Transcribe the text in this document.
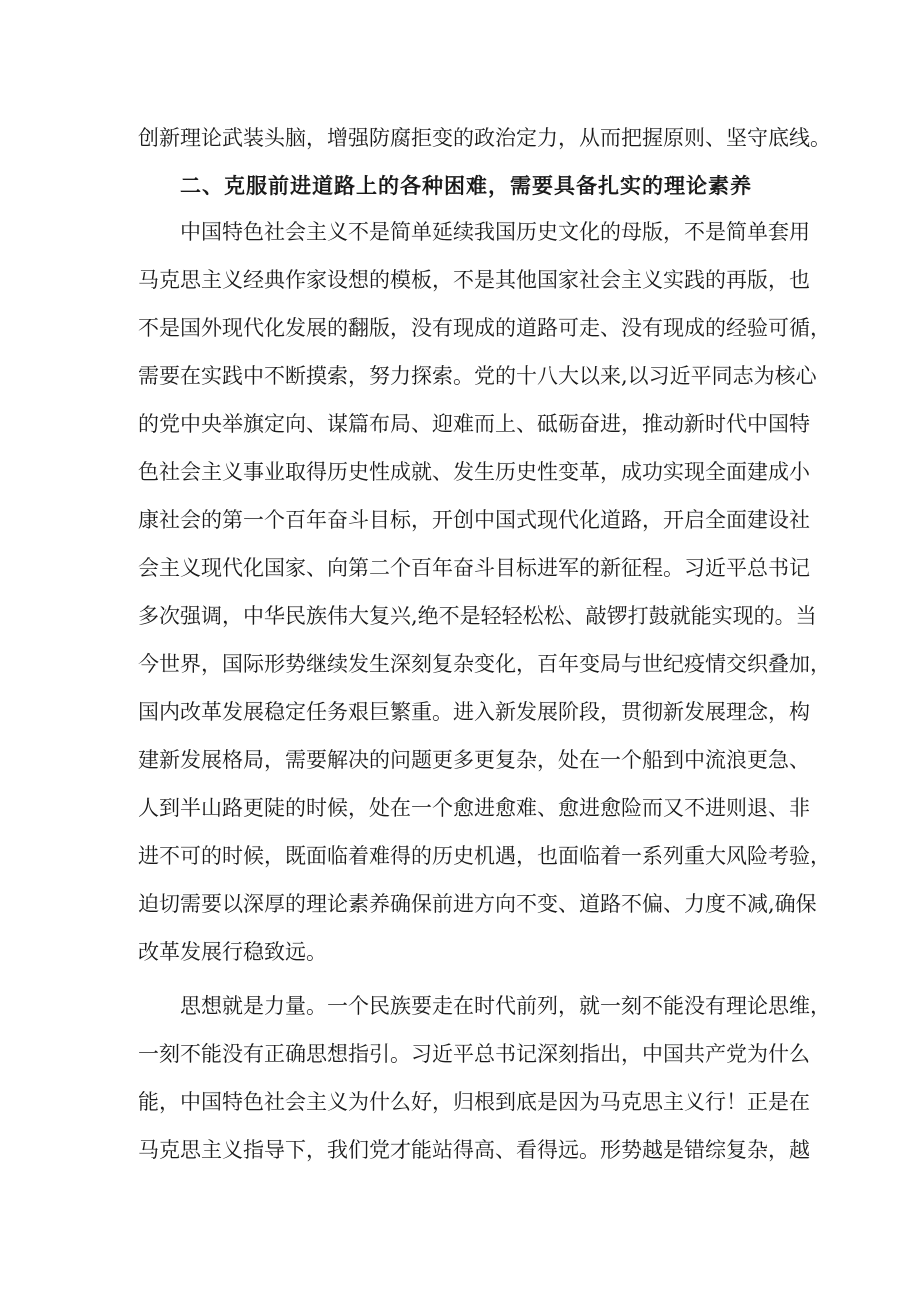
创新理论武装头脑，增强防腐拒变的政治定力，从而把握原则、坚守底线。
二、克服前进道路上的各种困难，需要具备扎实的理论素养
中国特色社会主义不是简单延续我国历史文化的母版，不是简单套用
马克思主义经典作家设想的模板，不是其他国家社会主义实践的再版，也
不是国外现代化发展的翻版，没有现成的道路可走、没有现成的经验可循，
需要在实践中不断摸索，努力探索。党的十八大以来,以习近平同志为核心
的党中央举旗定向、谋篇布局、迎难而上、砥砺奋进，推动新时代中国特
色社会主义事业取得历史性成就、发生历史性变革，成功实现全面建成小
康社会的第一个百年奋斗目标，开创中国式现代化道路，开启全面建设社
会主义现代化国家、向第二个百年奋斗目标进军的新征程。习近平总书记
多次强调，中华民族伟大复兴,绝不是轻轻松松、敲锣打鼓就能实现的。当
今世界，国际形势继续发生深刻复杂变化，百年变局与世纪疫情交织叠加，
国内改革发展稳定任务艰巨繁重。进入新发展阶段，贯彻新发展理念，构
建新发展格局，需要解决的问题更多更复杂，处在一个船到中流浪更急、
人到半山路更陡的时候，处在一个愈进愈难、愈进愈险而又不进则退、非
进不可的时候，既面临着难得的历史机遇，也面临着一系列重大风险考验，
迫切需要以深厚的理论素养确保前进方向不变、道路不偏、力度不减,确保
改革发展行稳致远。
思想就是力量。一个民族要走在时代前列，就一刻不能没有理论思维，
一刻不能没有正确思想指引。习近平总书记深刻指出，中国共产党为什么
能，中国特色社会主义为什么好，归根到底是因为马克思主义行！正是在
马克思主义指导下，我们党才能站得高、看得远。形势越是错综复杂，越
